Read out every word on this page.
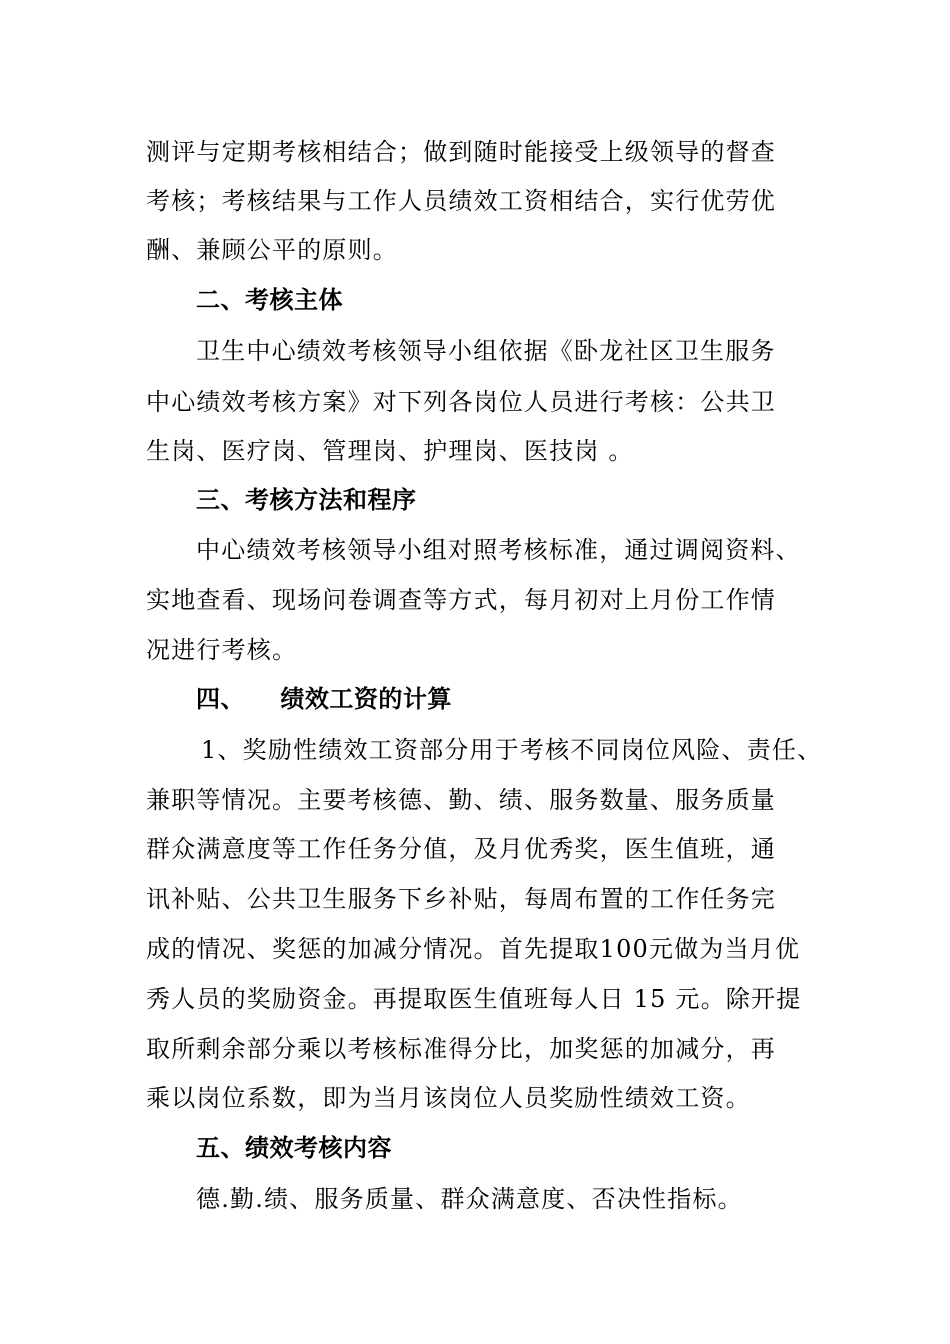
测评与定期考核相结合；做到随时能接受上级领导的督查
考核；考核结果与工作人员绩效工资相结合，实行优劳优
酬、兼顾公平的原则。
二、考核主体
卫生中心绩效考核领导小组依据《卧龙社区卫生服务
中心绩效考核方案》对下列各岗位人员进行考核：公共卫
生岗、医疗岗、管理岗、护理岗、医技岗 。
三、考核方法和程序
中心绩效考核领导小组对照考核标准，通过调阅资料、
实地查看、现场问卷调查等方式，每月初对上月份工作情
况进行考核。
四、    绩效工资的计算
1、奖励性绩效工资部分用于考核不同岗位风险、责任、
兼职等情况。主要考核德、勤、绩、服务数量、服务质量
群众满意度等工作任务分值，及月优秀奖，医生值班，通
讯补贴、公共卫生服务下乡补贴，每周布置的工作任务完
成的情况、奖惩的加减分情况。首先提取100元做为当月优
秀人员的奖励资金。再提取医生值班每人日 15 元。除开提
取所剩余部分乘以考核标准得分比，加奖惩的加减分，再
乘以岗位系数，即为当月该岗位人员奖励性绩效工资。
五、绩效考核内容
德.勤.绩、服务质量、群众满意度、否决性指标。
